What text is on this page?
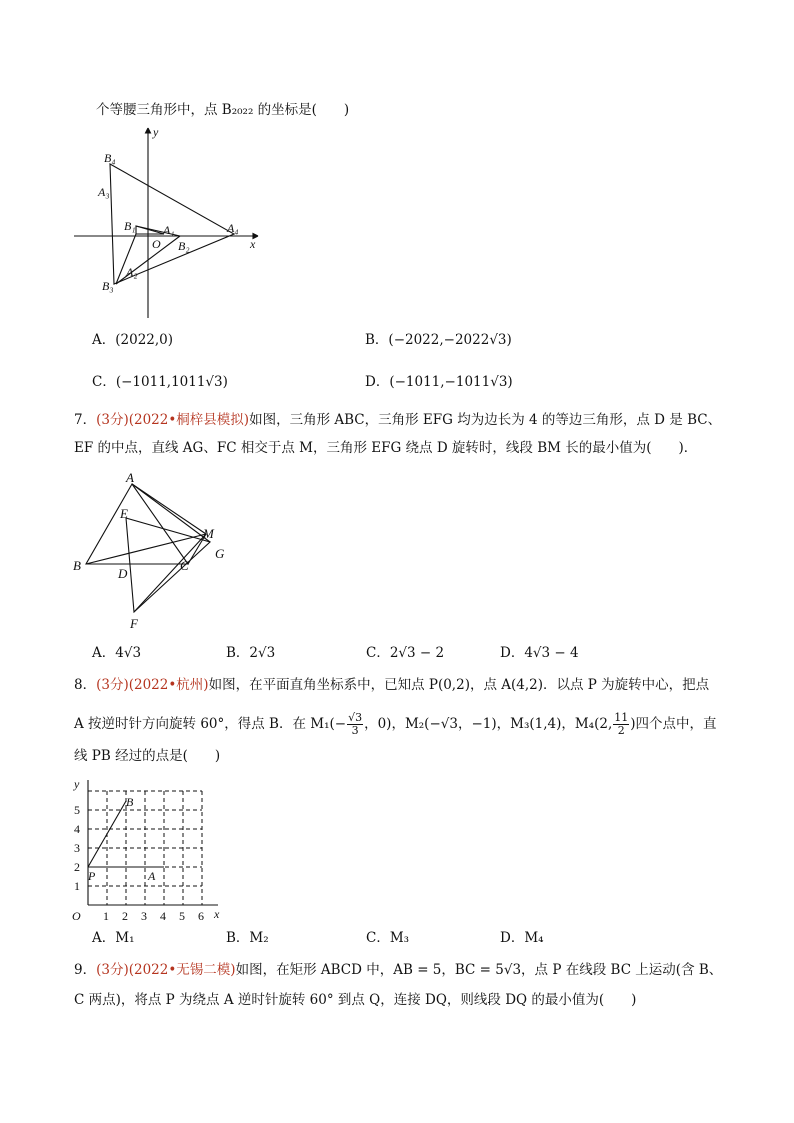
个等腰三角形中，点 B₂₀₂₂ 的坐标是(　　)
y
x
O
B₄
A₃
B₁ A₁	A₄
B₂
A₂
B₃
A．(2022,0)	B．(−2022,−2022√3)
C．(−1011,1011√3)	D．(−1011,−1011√3)
7．(3分)(2022•桐梓县模拟)如图，三角形 ABC，三角形 EFG 均为边长为 4 的等边三角形，点 D 是 BC、
EF 的中点，直线 AG、FC 相交于点 M，三角形 EFG 绕点 D 旋转时，线段 BM 长的最小值为(　　)．
A
E
M
G
B
D
C
F
A．4√3	B．2√3	C．2√3 − 2	D．4√3 − 4
8．(3分)(2022•杭州)如图，在平面直角坐标系中，已知点 P(0,2)，点 A(4,2)．以点 P 为旋转中心，把点
A 按逆时针方向旋转 60°，得点 B．在 $M_1(- \frac{√3}{3}$ ，0)，M₂(−√3，−1)，M₃(1,4)，M₄(2, $\frac{11}{2}$ )四个点中，直
线 PB 经过的点是(　　)
y
x
O
B
P	A
1 2 3 4 5 6
1
2
3
4
5
A．M₁	B．M₂	C．M₃	D．M₄
9．(3分)(2022•无锡二模)如图，在矩形 ABCD 中，AB = 5，BC = 5√3，点 P 在线段 BC 上运动(含 B、
C 两点)，将点 P 为绕点 A 逆时针旋转 60° 到点 Q，连接 DQ，则线段 DQ 的最小值为(　　)
